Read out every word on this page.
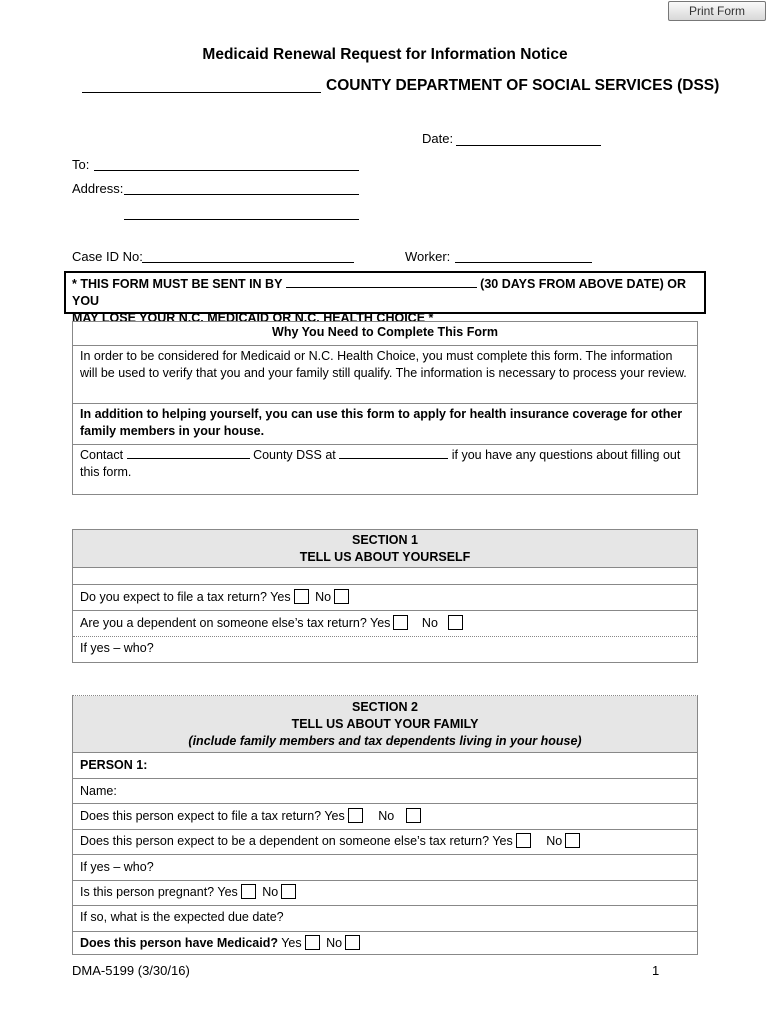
Print Form
Medicaid Renewal Request for Information Notice
COUNTY DEPARTMENT OF SOCIAL SERVICES (DSS)
Date:
To:
Address:
Case ID No:	Worker:
* THIS FORM MUST BE SENT IN BY	(30 DAYS FROM ABOVE DATE) OR YOU
MAY LOSE YOUR N.C. MEDICAID OR N.C. HEALTH CHOICE *
Why You Need to Complete This Form
In order to be considered for Medicaid or N.C. Health Choice, you must complete this form. The information will be used to verify that you and your family still qualify. The information is necessary to process your review.
In addition to helping yourself, you can use this form to apply for health insurance coverage for other family members in your house.
Contact	County DSS at	if you have any questions about filling out
this form.
SECTION 1
TELL US ABOUT YOURSELF
Do you expect to file a tax return? Yes No
Are you a dependent on someone else’s tax return? Yes	No
If yes – who?
SECTION 2
TELL US ABOUT YOUR FAMILY
(include family members and tax dependents living in your house)
PERSON 1:
Name:
Does this person expect to file a tax return? Yes	No
Does this person expect to be a dependent on someone else’s tax return? Yes	No
If yes – who?
Is this person pregnant? Yes No
If so, what is the expected due date?
Does this person have Medicaid? Yes No
DMA-5199 (3/30/16)	1
